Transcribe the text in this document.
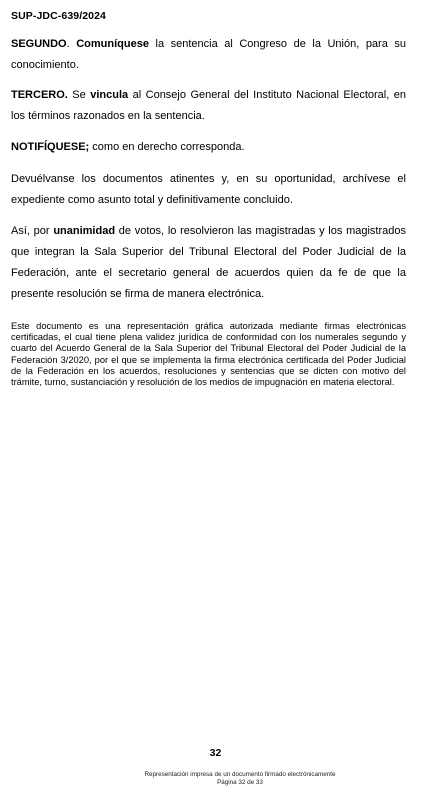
SUP-JDC-639/2024

SEGUNDO. Comuníquese la sentencia al Congreso de la Unión, para su conocimiento.

TERCERO. Se vincula al Consejo General del Instituto Nacional Electoral, en los términos razonados en la sentencia.

NOTIFÍQUESE; como en derecho corresponda.

Devuélvanse los documentos atinentes y, en su oportunidad, archívese el expediente como asunto total y definitivamente concluido.

Así, por unanimidad de votos, lo resolvieron las magistradas y los magistrados que integran la Sala Superior del Tribunal Electoral del Poder Judicial de la Federación, ante el secretario general de acuerdos quien da fe de que la presente resolución se firma de manera electrónica.

Este documento es una representación gráfica autorizada mediante firmas electrónicas certificadas, el cual tiene plena validez jurídica de conformidad con los numerales segundo y cuarto del Acuerdo General de la Sala Superior del Tribunal Electoral del Poder Judicial de la Federación 3/2020, por el que se implementa la firma electrónica certificada del Poder Judicial de la Federación en los acuerdos, resoluciones y sentencias que se dicten con motivo del trámite, turno, sustanciación y resolución de los medios de impugnación en materia electoral.

32
Representación impresa de un documento firmado electrónicamente
Página 32 de 33
